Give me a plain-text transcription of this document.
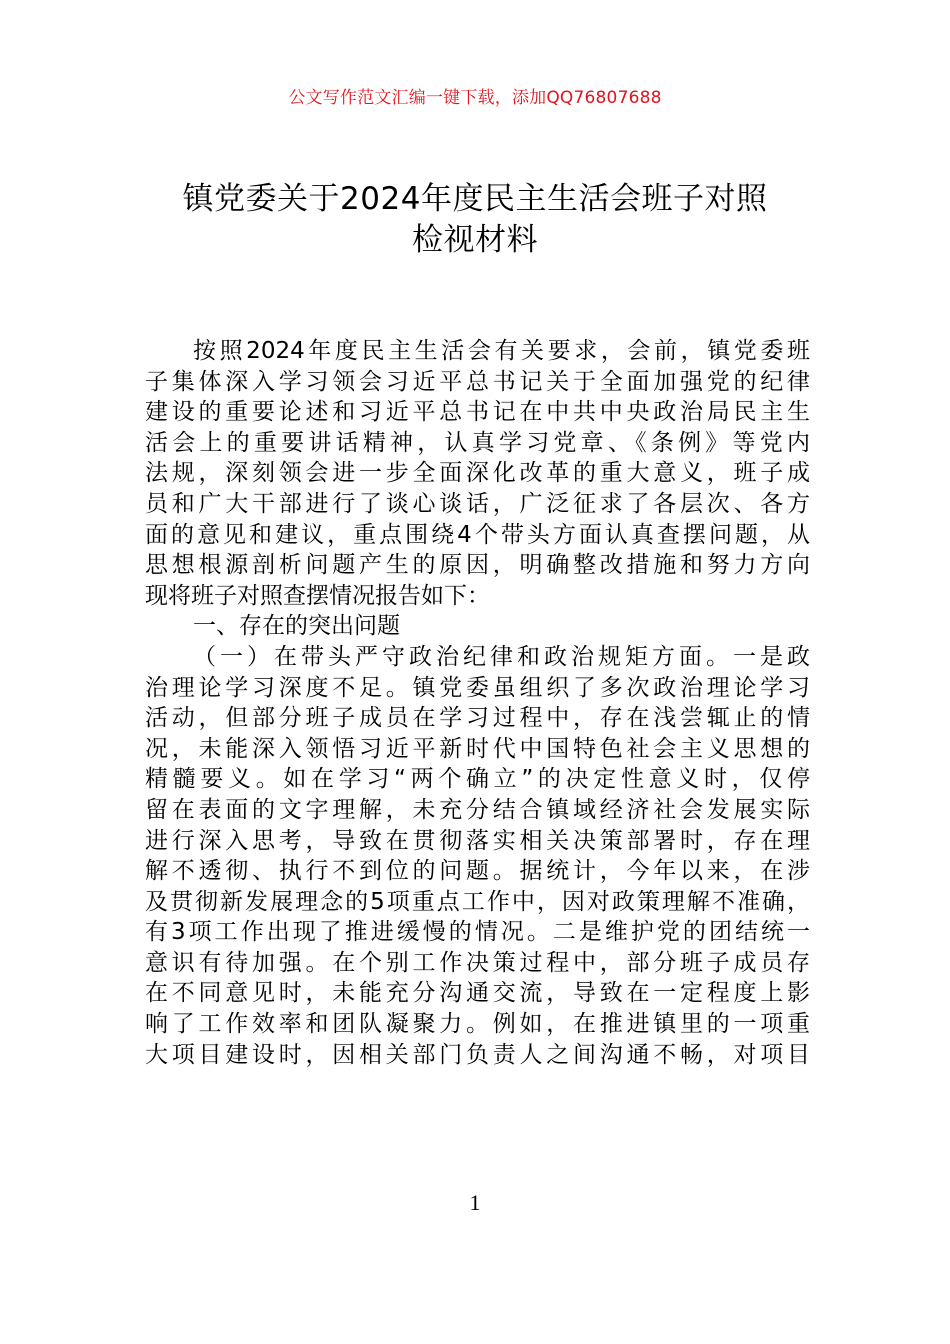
公文写作范文汇编一键下载，添加QQ76807688
镇党委关于2024年度民主生活会班子对照
检视材料
按照2024年度民主生活会有关要求，会前，镇党委班
子集体深入学习领会习近平总书记关于全面加强党的纪律
建设的重要论述和习近平总书记在中共中央政治局民主生
活会上的重要讲话精神，认真学习党章、《条例》等党内
法规，深刻领会进一步全面深化改革的重大意义，班子成
员和广大干部进行了谈心谈话，广泛征求了各层次、各方
面的意见和建议，重点围绕4个带头方面认真查摆问题，从
思想根源剖析问题产生的原因，明确整改措施和努力方向
现将班子对照查摆情况报告如下：
一、存在的突出问题
（一）在带头严守政治纪律和政治规矩方面。一是政
治理论学习深度不足。镇党委虽组织了多次政治理论学习
活动，但部分班子成员在学习过程中，存在浅尝辄止的情
况，未能深入领悟习近平新时代中国特色社会主义思想的
精髓要义。如在学习“两个确立”的决定性意义时，仅停
留在表面的文字理解，未充分结合镇域经济社会发展实际
进行深入思考，导致在贯彻落实相关决策部署时，存在理
解不透彻、执行不到位的问题。据统计，今年以来，在涉
及贯彻新发展理念的5项重点工作中，因对政策理解不准确，
有3项工作出现了推进缓慢的情况。二是维护党的团结统一
意识有待加强。在个别工作决策过程中，部分班子成员存
在不同意见时，未能充分沟通交流，导致在一定程度上影
响了工作效率和团队凝聚力。例如，在推进镇里的一项重
大项目建设时，因相关部门负责人之间沟通不畅，对项目
1
